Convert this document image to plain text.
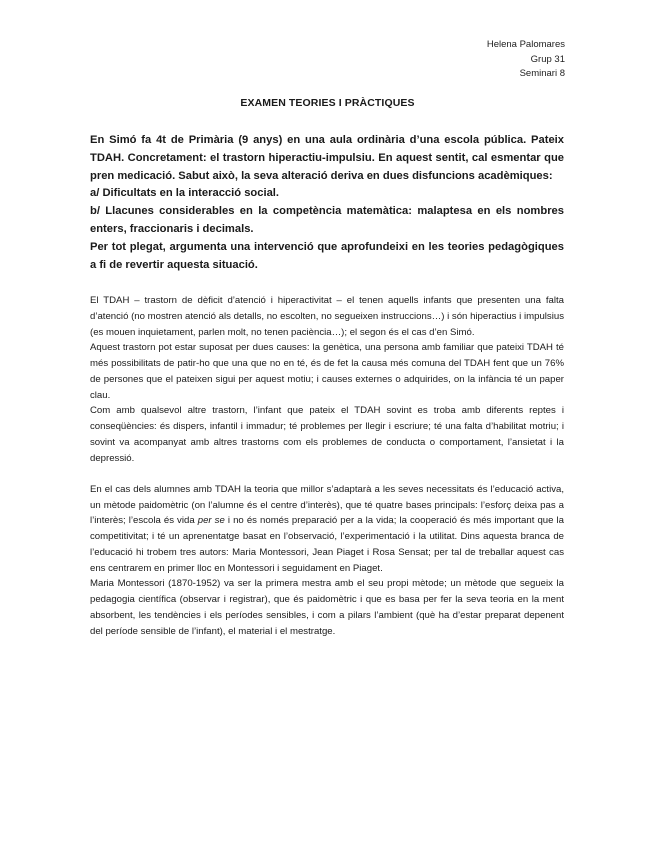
Helena Palomares
Grup 31
Seminari 8
EXAMEN TEORIES I PRÀCTIQUES

En Simó fa 4t de Primària (9 anys) en una aula ordinària d’una escola pública. Pateix TDAH. Concretament: el trastorn hiperactiu-impulsiu. En aquest sentit, cal esmentar que pren medicació. Sabut això, la seva alteració deriva en dues disfuncions acadèmiques:

a/ Dificultats en la interacció social.

b/ Llacunes considerables en la competència matemàtica: malaptesa en els nombres enters, fraccionaris i decimals.

Per tot plegat, argumenta una intervenció que aprofundeixi en les teories pedagògiques a fi de revertir aquesta situació.

El TDAH – trastorn de dèficit d’atenció i hiperactivitat – el tenen aquells infants que presenten una falta d’atenció (no mostren atenció als detalls, no escolten, no segueixen instruccions…) i són hiperactius i impulsius (es mouen inquietament, parlen molt, no tenen paciència…); el segon és el cas d’en Simó.

Aquest trastorn pot estar suposat per dues causes: la genètica, una persona amb familiar que pateixi TDAH té més possibilitats de patir-ho que una que no en té, és de fet la causa més comuna del TDAH fent que un 76% de persones que el pateixen sigui per aquest motiu; i causes externes o adquirides, on la infància té un paper clau.

Com amb qualsevol altre trastorn, l’infant que pateix el TDAH sovint es troba amb diferents reptes i conseqüències: és dispers, infantil i immadur; té problemes per llegir i escriure; té una falta d’habilitat motriu; i sovint va acompanyat amb altres trastorns com els problemes de conducta o comportament, l’ansietat i la depressió.

En el cas dels alumnes amb TDAH la teoria que millor s’adaptarà a les seves necessitats és l’educació activa, un mètode paidomètric (on l’alumne és el centre d’interès), que té quatre bases principals: l’esforç deixa pas a l’interès; l’escola és vida per se i no és només preparació per a la vida; la cooperació és més important que la competitivitat; i té un aprenentatge basat en l’observació, l’experimentació i la utilitat. Dins aquesta branca de l’educació hi trobem tres autors: Maria Montessori, Jean Piaget i Rosa Sensat; per tal de treballar aquest cas ens centrarem en primer lloc en Montessori i seguidament en Piaget.

Maria Montessori (1870-1952) va ser la primera mestra amb el seu propi mètode; un mètode que segueix la pedagogia científica (observar i registrar), que és paidomètric i que es basa per fer la seva teoria en la ment absorbent, les tendències i els períodes sensibles, i com a pilars l’ambient (què ha d’estar preparat depenent del període sensible de l’infant), el material i el mestratge.
